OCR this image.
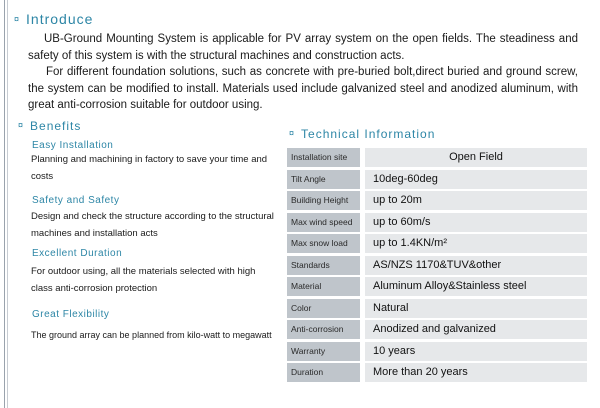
¤ Introduce

UB-Ground Mounting System is applicable for PV array system on the open fields. The steadiness and safety of this system is with the structural machines and construction acts.

For different foundation solutions, such as concrete with pre-buried bolt,direct buried and ground screw, the system can be modified to install. Materials used include galvanized steel and anodized aluminum, with great anti-corrosion suitable for outdoor using.

¤ Benefits
Easy Installation
Planning and machining in factory to save your time and costs
Safety and Safety
Design and check the structure according to the structural machines and installation acts
Excellent Duration
For outdoor using, all the materials selected with high class anti-corrosion protection
Great Flexibility
The ground array can be planned from kilo-watt to megawatt
¤ Technical Information
Installation site	Open Field
Tilt Angle	10deg-60deg
Building Height	up to 20m
Max wind speed	up to 60m/s
Max snow load	up to 1.4KN/m²
Standards	AS/NZS 1170&TUV&other
Material	Aluminum Alloy&Stainless steel
Color	Natural
Anti-corrosion	Anodized and galvanized
Warranty	10 years
Duration	More than 20 years
